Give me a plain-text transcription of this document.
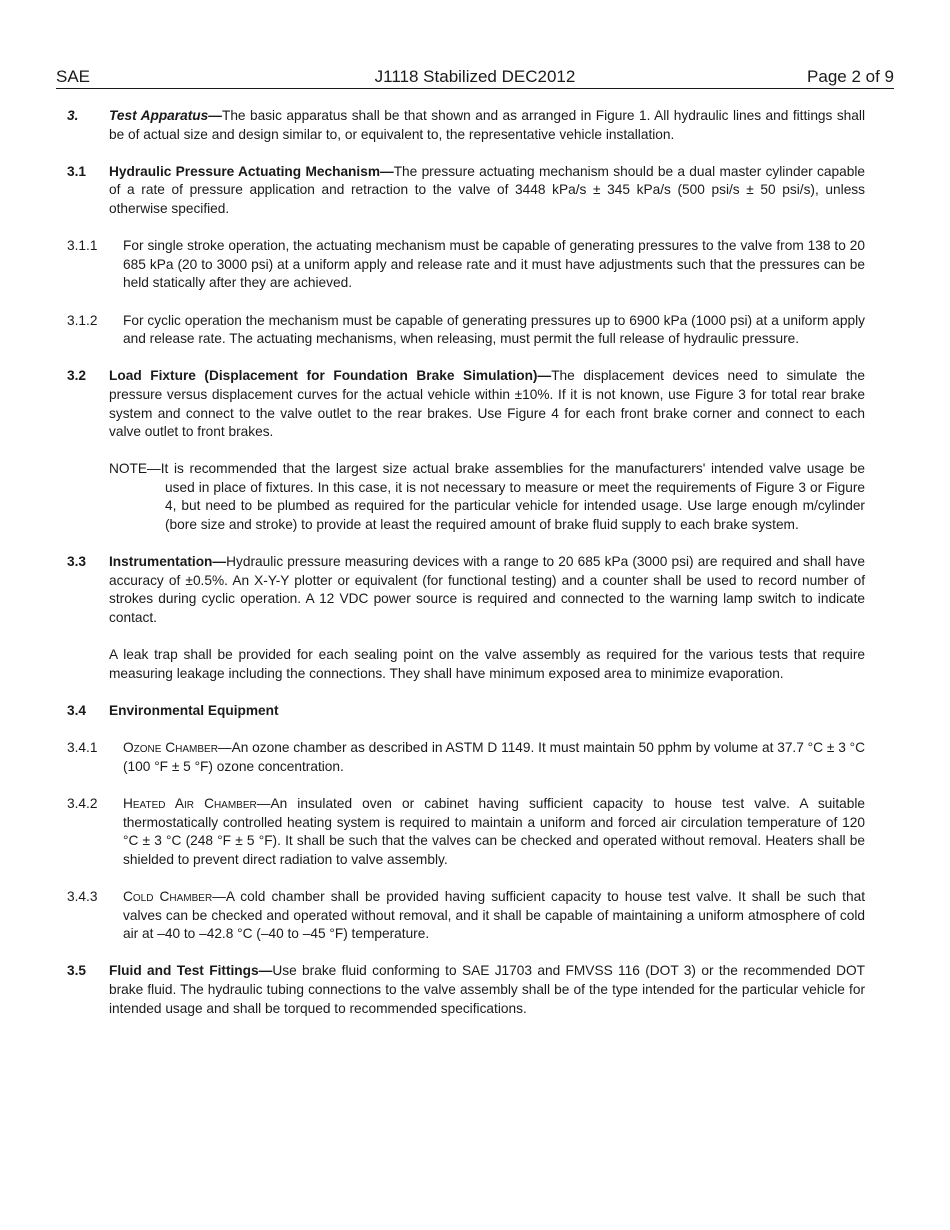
SAE	J1118 Stabilized DEC2012	Page 2 of 9
3. Test Apparatus—The basic apparatus shall be that shown and as arranged in Figure 1. All hydraulic lines and fittings shall be of actual size and design similar to, or equivalent to, the representative vehicle installation.
3.1 Hydraulic Pressure Actuating Mechanism—The pressure actuating mechanism should be a dual master cylinder capable of a rate of pressure application and retraction to the valve of 3448 kPa/s ± 345 kPa/s (500 psi/s ± 50 psi/s), unless otherwise specified.
3.1.1 For single stroke operation, the actuating mechanism must be capable of generating pressures to the valve from 138 to 20 685 kPa (20 to 3000 psi) at a uniform apply and release rate and it must have adjustments such that the pressures can be held statically after they are achieved.
3.1.2 For cyclic operation the mechanism must be capable of generating pressures up to 6900 kPa (1000 psi) at a uniform apply and release rate. The actuating mechanisms, when releasing, must permit the full release of hydraulic pressure.
3.2 Load Fixture (Displacement for Foundation Brake Simulation)—The displacement devices need to simulate the pressure versus displacement curves for the actual vehicle within ±10%. If it is not known, use Figure 3 for total rear brake system and connect to the valve outlet to the rear brakes. Use Figure 4 for each front brake corner and connect to each valve outlet to front brakes.
NOTE—It is recommended that the largest size actual brake assemblies for the manufacturers' intended valve usage be used in place of fixtures. In this case, it is not necessary to measure or meet the requirements of Figure 3 or Figure 4, but need to be plumbed as required for the particular vehicle for intended usage. Use large enough m/cylinder (bore size and stroke) to provide at least the required amount of brake fluid supply to each brake system.
3.3 Instrumentation—Hydraulic pressure measuring devices with a range to 20 685 kPa (3000 psi) are required and shall have accuracy of ±0.5%. An X-Y-Y plotter or equivalent (for functional testing) and a counter shall be used to record number of strokes during cyclic operation. A 12 VDC power source is required and connected to the warning lamp switch to indicate contact.
A leak trap shall be provided for each sealing point on the valve assembly as required for the various tests that require measuring leakage including the connections. They shall have minimum exposed area to minimize evaporation.
3.4 Environmental Equipment
3.4.1 Ozone Chamber—An ozone chamber as described in ASTM D 1149. It must maintain 50 pphm by volume at 37.7 °C ± 3 °C (100 °F ± 5 °F) ozone concentration.
3.4.2 Heated Air Chamber—An insulated oven or cabinet having sufficient capacity to house test valve. A suitable thermostatically controlled heating system is required to maintain a uniform and forced air circulation temperature of 120 °C ± 3 °C (248 °F ± 5 °F). It shall be such that the valves can be checked and operated without removal. Heaters shall be shielded to prevent direct radiation to valve assembly.
3.4.3 Cold Chamber—A cold chamber shall be provided having sufficient capacity to house test valve. It shall be such that valves can be checked and operated without removal, and it shall be capable of maintaining a uniform atmosphere of cold air at –40 to –42.8 °C (–40 to –45 °F) temperature.
3.5 Fluid and Test Fittings—Use brake fluid conforming to SAE J1703 and FMVSS 116 (DOT 3) or the recommended DOT brake fluid. The hydraulic tubing connections to the valve assembly shall be of the type intended for the particular vehicle for intended usage and shall be torqued to recommended specifications.
